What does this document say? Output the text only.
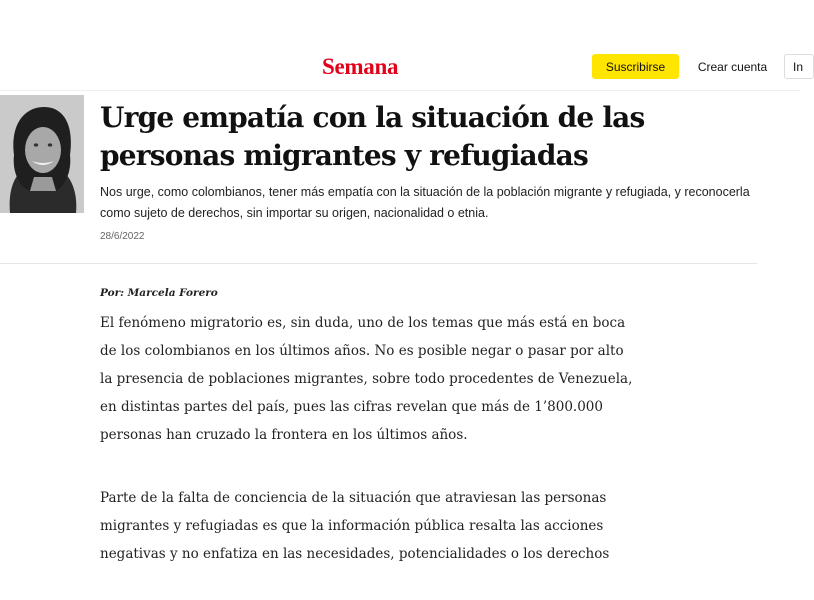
Semana	Suscribirse	Crear cuenta	In
Urge empatía con la situación de las personas migrantes y refugiadas

Nos urge, como colombianos, tener más empatía con la situación de la población migrante y refugiada, y reconocerla como sujeto de derechos, sin importar su origen, nacionalidad o etnia.

28/6/2022
Por: Marcela Forero

El fenómeno migratorio es, sin duda, uno de los temas que más está en boca de los colombianos en los últimos años. No es posible negar o pasar por alto la presencia de poblaciones migrantes, sobre todo procedentes de Venezuela, en distintas partes del país, pues las cifras revelan que más de 1’800.000 personas han cruzado la frontera en los últimos años.

Parte de la falta de conciencia de la situación que atraviesan las personas migrantes y refugiadas es que la información pública resalta las acciones negativas y no enfatiza en las necesidades, potencialidades o los derechos
